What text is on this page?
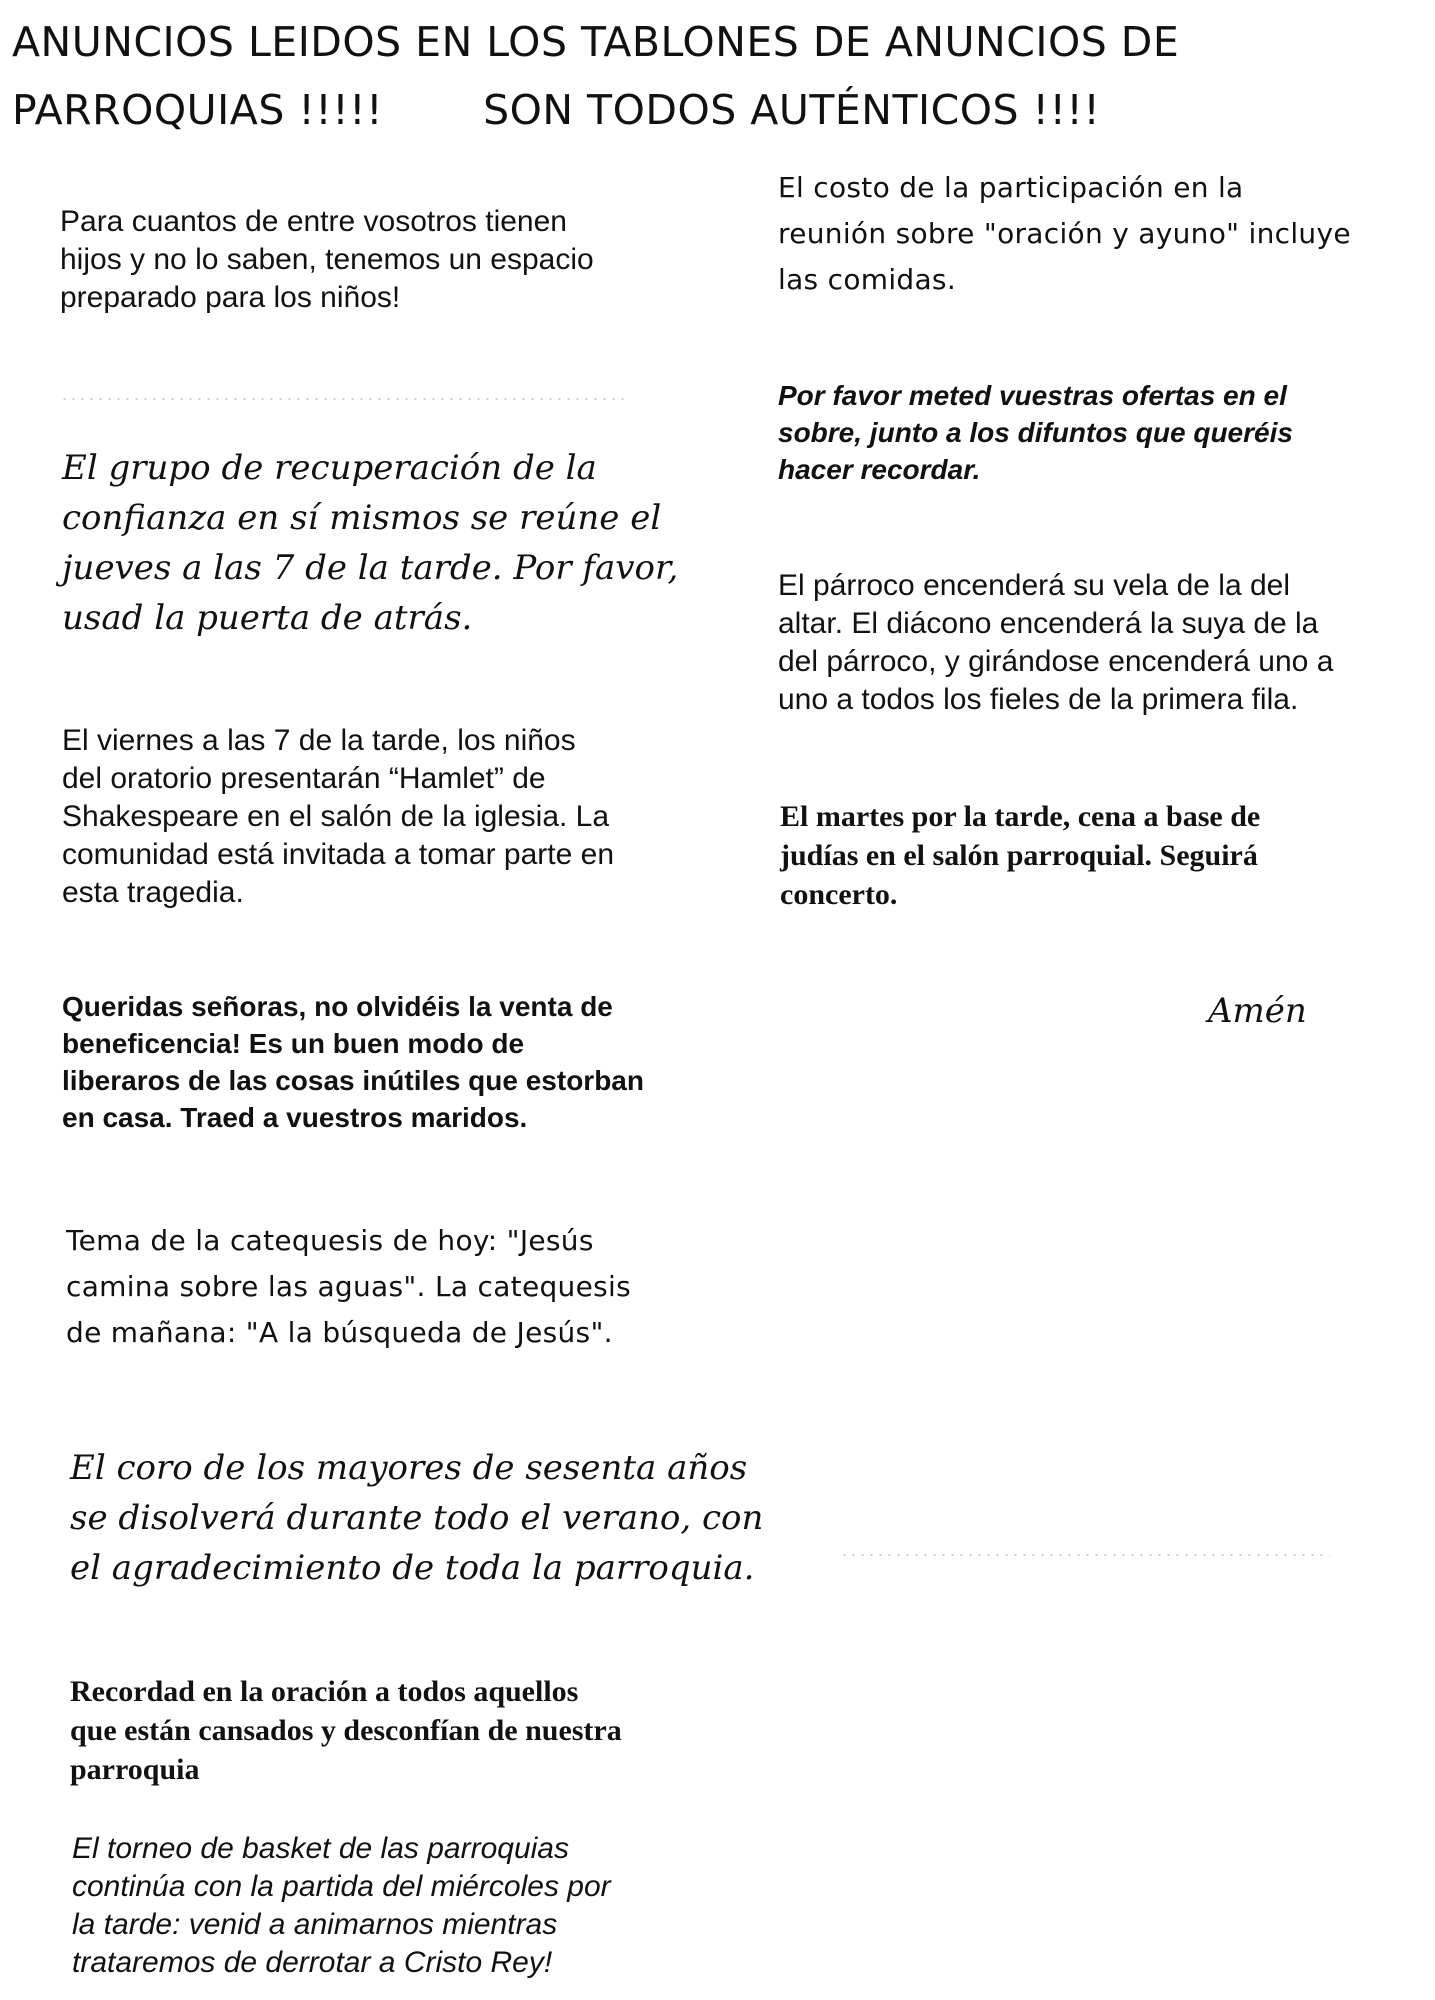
ANUNCIOS LEIDOS EN LOS TABLONES DE ANUNCIOS DE
PARROQUIAS !!!!! SON TODOS AUTÉNTICOS !!!!

Para cuantos de entre vosotros tienen
hijos y no lo saben, tenemos un espacio
preparado para los niños!

El grupo de recuperación de la
confianza en sí mismos se reúne el
jueves a las 7 de la tarde. Por favor,
usad la puerta de atrás.

El viernes a las 7 de la tarde, los niños
del oratorio presentarán “Hamlet” de
Shakespeare en el salón de la iglesia. La
comunidad está invitada a tomar parte en
esta tragedia.

Queridas señoras, no olvidéis la venta de
beneficencia! Es un buen modo de
liberaros de las cosas inútiles que estorban
en casa. Traed a vuestros maridos.

Tema de la catequesis de hoy: "Jesús
camina sobre las aguas". La catequesis
de mañana: "A la búsqueda de Jesús".

El coro de los mayores de sesenta años
se disolverá durante todo el verano, con
el agradecimiento de toda la parroquia.

Recordad en la oración a todos aquellos
que están cansados y desconfían de nuestra
parroquia

El torneo de basket de las parroquias
continúa con la partida del miércoles por
la tarde: venid a animarnos mientras
trataremos de derrotar a Cristo Rey!

El costo de la participación en la
reunión sobre "oración y ayuno" incluye
las comidas.

Por favor meted vuestras ofertas en el
sobre, junto a los difuntos que queréis
hacer recordar.

El párroco encenderá su vela de la del
altar. El diácono encenderá la suya de la
del párroco, y girándose encenderá uno a
uno a todos los fieles de la primera fila.

El martes por la tarde, cena a base de
judías en el salón parroquial. Seguirá
concerto.

Amén
